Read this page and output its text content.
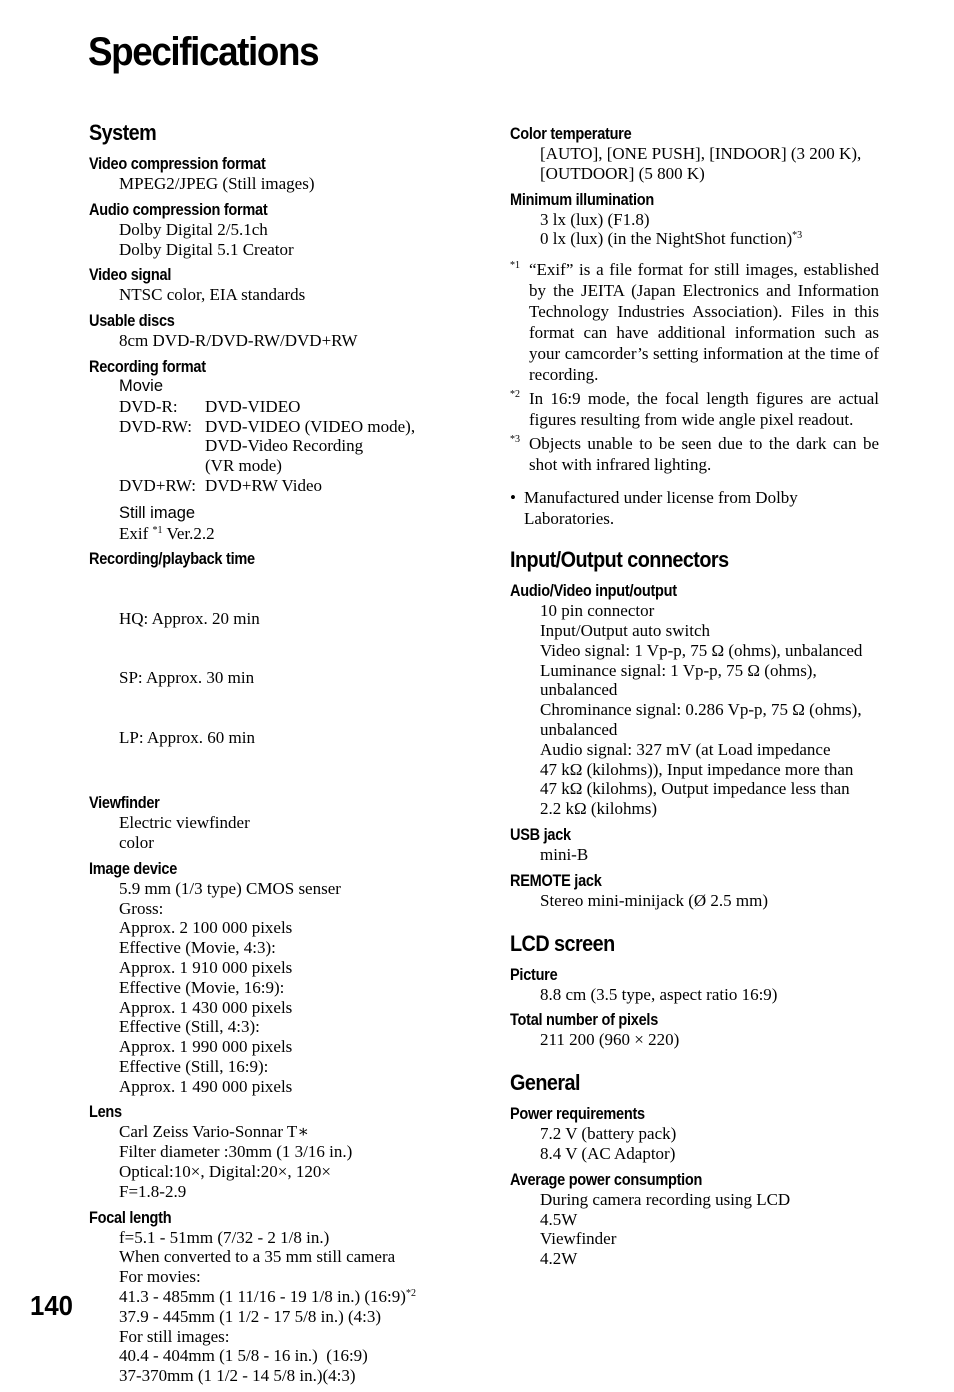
Specifications
System
Video compression format
MPEG2/JPEG (Still images)
Audio compression format
Dolby Digital 2/5.1ch
Dolby Digital 5.1 Creator
Video signal
NTSC color, EIA standards
Usable discs
8cm DVD-R/DVD-RW/DVD+RW
Recording format
Movie
DVD-R: DVD-VIDEO
DVD-RW: DVD-VIDEO (VIDEO mode),
DVD-Video Recording
(VR mode)
DVD+RW: DVD+RW Video
Still image
Exif $^{*1}$ Ver.2.2
Recording/playback time

HQ: Approx. 20 min

SP: Approx. 30 min

LP: Approx. 60 min

Viewfinder
Electric viewfinder
color
Image device
5.9 mm (1/3 type) CMOS senser
Gross:
Approx. 2 100 000 pixels
Effective (Movie, 4:3):
Approx. 1 910 000 pixels
Effective (Movie, 16:9):
Approx. 1 430 000 pixels
Effective (Still, 4:3):
Approx. 1 990 000 pixels
Effective (Still, 16:9):
Approx. 1 490 000 pixels
Lens
Carl Zeiss Vario-Sonnar T∗
Filter diameter :30mm (1 3/16 in.)
Optical:10×, Digital:20×, 120×
F=1.8-2.9
Focal length
f=5.1 - 51mm (7/32 - 2 1/8 in.)
When converted to a 35 mm still camera
For movies:
41.3 - 485mm (1 11/16 - 19 1/8 in.) (16:9)$^{*2}$
37.9 - 445mm (1 1/2 - 17 5/8 in.) (4:3)
For still images:
40.4 - 404mm (1 5/8 - 16 in.)  (16:9)
37-370mm (1 1/2 - 14 5/8 in.)(4:3)
Color temperature
[AUTO], [ONE PUSH], [INDOOR] (3 200 K),
[OUTDOOR] (5 800 K)
Minimum illumination
3 lx (lux) (F1.8)
0 lx (lux) (in the NightShot function)$^{*3}$
*1 “Exif” is a file format for still images, established by the JEITA (Japan Electronics and Information Technology Industries Association). Files in this format can have additional information such as your camcorder’s setting information at the time of recording.
*2 In 16:9 mode, the focal length figures are actual figures resulting from wide angle pixel readout.
*3 Objects unable to be seen due to the dark can be shot with infrared lighting.
• Manufactured under license from Dolby Laboratories.
Input/Output connectors
Audio/Video input/output
10 pin connector
Input/Output auto switch
Video signal: 1 Vp-p, 75 Ω (ohms), unbalanced
Luminance signal: 1 Vp-p, 75 Ω (ohms),
unbalanced
Chrominance signal: 0.286 Vp-p, 75 Ω (ohms),
unbalanced
Audio signal: 327 mV (at Load impedance
47 kΩ (kilohms)), Input impedance more than
47 kΩ (kilohms), Output impedance less than
2.2 kΩ (kilohms)
USB jack
mini-B
REMOTE jack
Stereo mini-minijack (Ø 2.5 mm)
LCD screen
Picture
8.8 cm (3.5 type, aspect ratio 16:9)
Total number of pixels
211 200 (960 × 220)
General
Power requirements
7.2 V (battery pack)
8.4 V (AC Adaptor)
Average power consumption
During camera recording using LCD
4.5W
Viewfinder
4.2W
140
